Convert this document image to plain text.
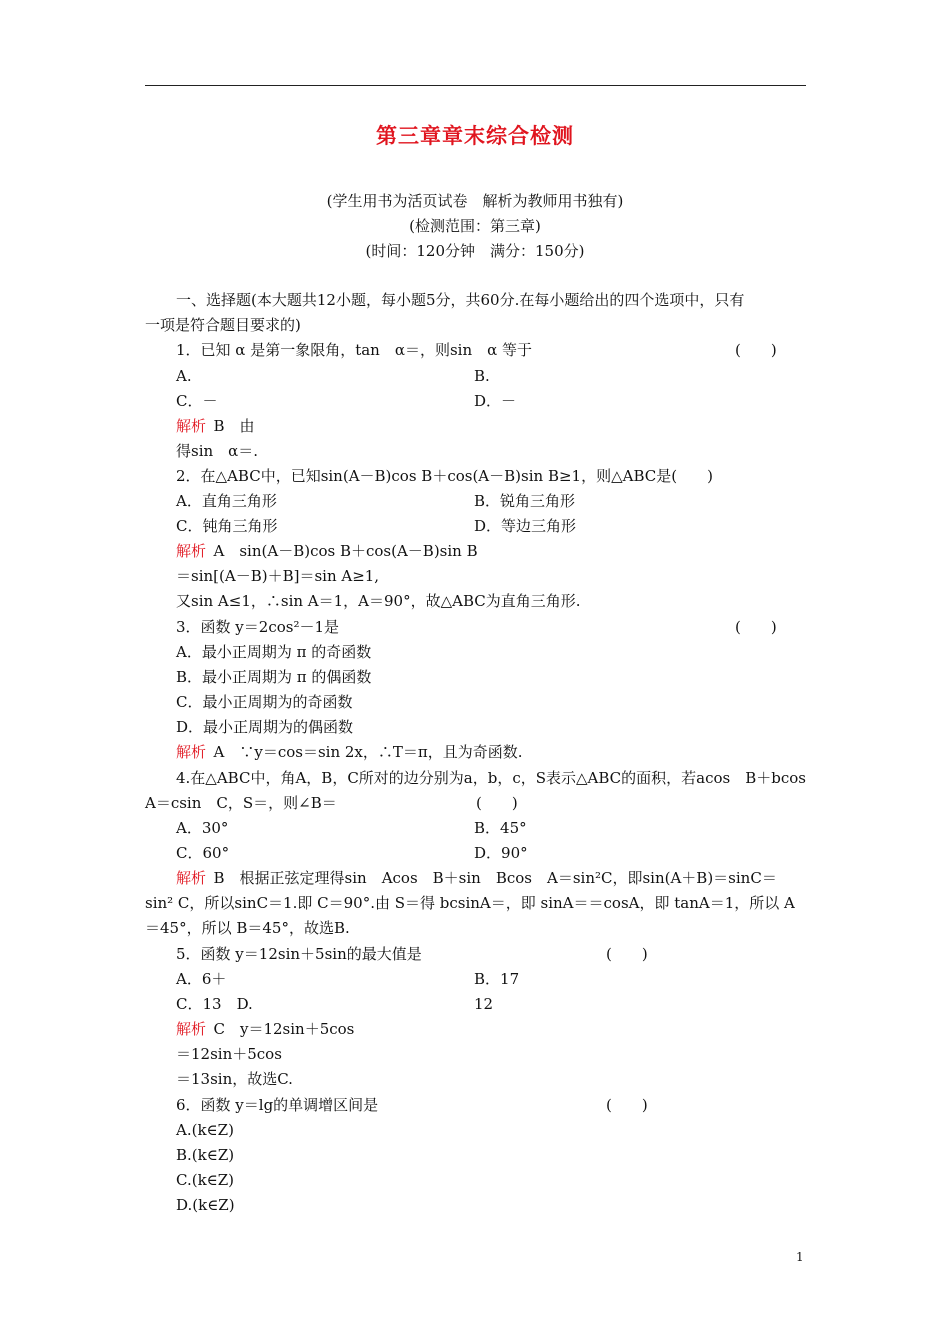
第三章章末综合检测
(学生用书为活页试卷　解析为教师用书独有)
(检测范围：第三章)
(时间：120分钟　满分：150分)
一、选择题(本大题共12小题，每小题5分，共60分.在每小题给出的四个选项中，只有
一项是符合题目要求的)
1．已知 α 是第一象限角，tan　α＝，则sin　α 等于	(　　)
A.	B.
C．－	D．－
解析  B　由
得sin　α＝.
2．在△ABC中，已知sin(A－B)cos B＋cos(A－B)sin B≥1，则△ABC是(　　)
A．直角三角形	B．锐角三角形
C．钝角三角形	D．等边三角形
解析  A　sin(A－B)cos B＋cos(A－B)sin B
＝sin[(A－B)＋B]＝sin A≥1,
又sin A≤1，∴sin A＝1，A＝90°，故△ABC为直角三角形.
3．函数 y＝2cos²－1是	(　　)
A．最小正周期为 π 的奇函数
B．最小正周期为 π 的偶函数
C．最小正周期为的奇函数
D．最小正周期为的偶函数
解析  A　∵y＝cos＝sin 2x，∴T＝π，且为奇函数.
4.在△ABC中，角A，B，C所对的边分别为a，b，c，S表示△ABC的面积，若acos　B＋bcos
A＝csin　C，S＝，则∠B＝	(　　)
A．30°	B．45°
C．60°	D．90°
解析  B　根据正弦定理得sin　Acos　B＋sin　Bcos　A＝sin²C，即sin(A＋B)＝sinC＝
sin² C，所以sinC＝1.即 C＝90°.由 S＝得 bcsinA＝，即 sinA＝＝cosA，即 tanA＝1，所以 A
＝45°，所以 B＝45°，故选B.
5．函数 y＝12sin＋5sin的最大值是	(　　)
A．6＋	B．17
C．13　D.	12
解析  C　y＝12sin＋5cos
＝12sin＋5cos
＝13sin，故选C.
6．函数 y＝lg的单调增区间是	(　　)
A.(k∈Z)
B.(k∈Z)
C.(k∈Z)
D.(k∈Z)
1
